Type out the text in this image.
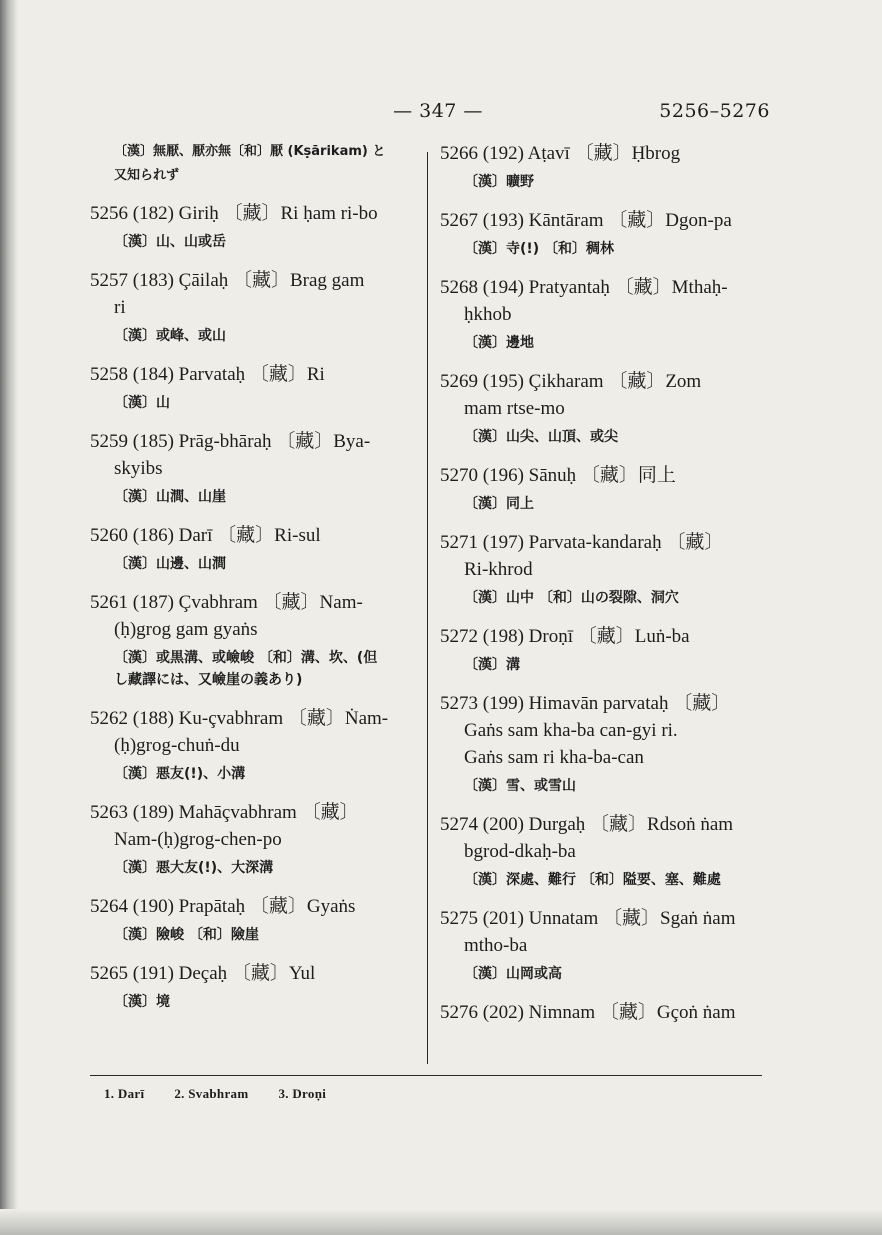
— 347 —	5256–5276
〔漢〕無厭、厭亦無〔和〕厭 (Kṣārikam) と
又知られず
5256 (182) Giriḥ 〔藏〕Ri ḥam ri-bo
〔漢〕山、山或岳
5257 (183) Çāilaḥ 〔藏〕Brag gam
ri
〔漢〕或峰、或山
5258 (184) Parvataḥ 〔藏〕Ri
〔漢〕山
5259 (185) Prāg-bhāraḥ 〔藏〕Bya-
skyibs
〔漢〕山澗、山崖
5260 (186) Darī 〔藏〕Ri-sul
〔漢〕山邊、山澗
5261 (187) Çvabhram 〔藏〕Nam-
(ḥ)grog gam gyaṅs
〔漢〕或黒溝、或嶮峻 〔和〕溝、坎、(但
し藏譯には、又嶮崖の義あり)
5262 (188) Ku-çvabhram 〔藏〕Ṅam-
(ḥ)grog-chuṅ-du
〔漢〕悪友(!)、小溝
5263 (189) Mahāçvabhram 〔藏〕
Nam-(ḥ)grog-chen-po
〔漢〕悪大友(!)、大深溝
5264 (190) Prapātaḥ 〔藏〕Gyaṅs
〔漢〕險峻 〔和〕險崖
5265 (191) Deçaḥ 〔藏〕Yul
〔漢〕境
5266 (192) Aṭavī 〔藏〕Ḥbrog
〔漢〕曠野
5267 (193) Kāntāram 〔藏〕Dgon-pa
〔漢〕寺(!) 〔和〕稠林
5268 (194) Pratyantaḥ 〔藏〕Mthaḥ-
ḥkhob
〔漢〕邊地
5269 (195) Çikharam 〔藏〕Zom
mam rtse-mo
〔漢〕山尖、山頂、或尖
5270 (196) Sānuḥ 〔藏〕同上
〔漢〕同上
5271 (197) Parvata-kandaraḥ 〔藏〕
Ri-khrod
〔漢〕山中 〔和〕山の裂隙、洞穴
5272 (198) Droṇī 〔藏〕Luṅ-ba
〔漢〕溝
5273 (199) Himavān parvataḥ 〔藏〕
Gaṅs sam kha-ba can-gyi ri.
Gaṅs sam ri kha-ba-can
〔漢〕雪、或雪山
5274 (200) Durgaḥ 〔藏〕Rdsoṅ ṅam
bgrod-dkaḥ-ba
〔漢〕深處、難行 〔和〕隘要、塞、難處
5275 (201) Unnatam 〔藏〕Sgaṅ ṅam
mtho-ba
〔漢〕山岡或高
5276 (202) Nimnam 〔藏〕Gçoṅ ṅam
1. Darī 2. Svabhram 3. Droṇi
